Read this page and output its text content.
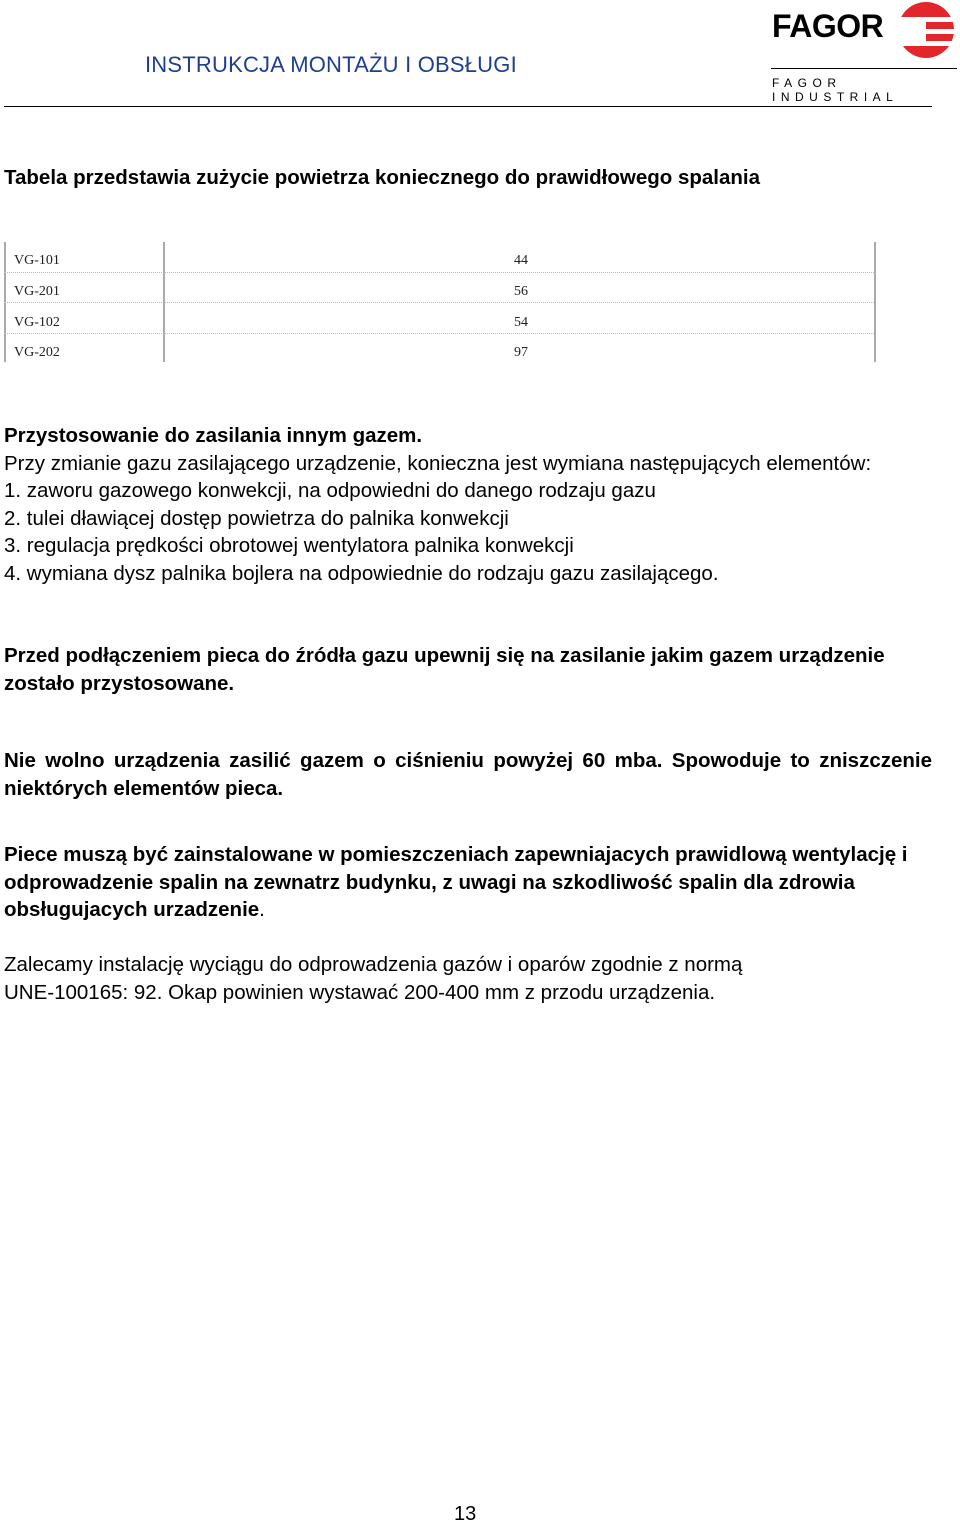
INSTRUKCJA MONTAŻU I OBSŁUGI
FAGOR
FAGOR INDUSTRIAL
Tabela przedstawia zużycie powietrza koniecznego do prawidłowego spalania
VG-101	44
VG-201	56
VG-102	54
VG-202	97

Przystosowanie do zasilania innym gazem.

Przy zmianie gazu zasilającego urządzenie, konieczna jest wymiana następujących elementów:

1. zaworu gazowego konwekcji, na odpowiedni do danego rodzaju gazu

2. tulei dławiącej dostęp powietrza do palnika konwekcji

3. regulacja prędkości obrotowej wentylatora palnika konwekcji

4. wymiana dysz palnika bojlera na odpowiednie do rodzaju gazu zasilającego.

Przed podłączeniem pieca do źródła gazu upewnij się na zasilanie jakim gazem urządzenie zostało przystosowane.
Nie wolno urządzenia zasilić gazem o ciśnieniu powyżej 60 mba. Spowoduje to zniszczenie niektórych elementów pieca.
Piece muszą być zainstalowane w pomieszczeniach zapewniajacych prawidlową wentylację i odprowadzenie spalin na zewnatrz budynku, z uwagi na szkodliwość spalin dla zdrowia obsługujacych urzadzenie.

Zalecamy instalację wyciągu do odprowadzenia gazów i oparów zgodnie z normą

UNE-100165: 92. Okap powinien wystawać 200-400 mm z przodu urządzenia.

13
